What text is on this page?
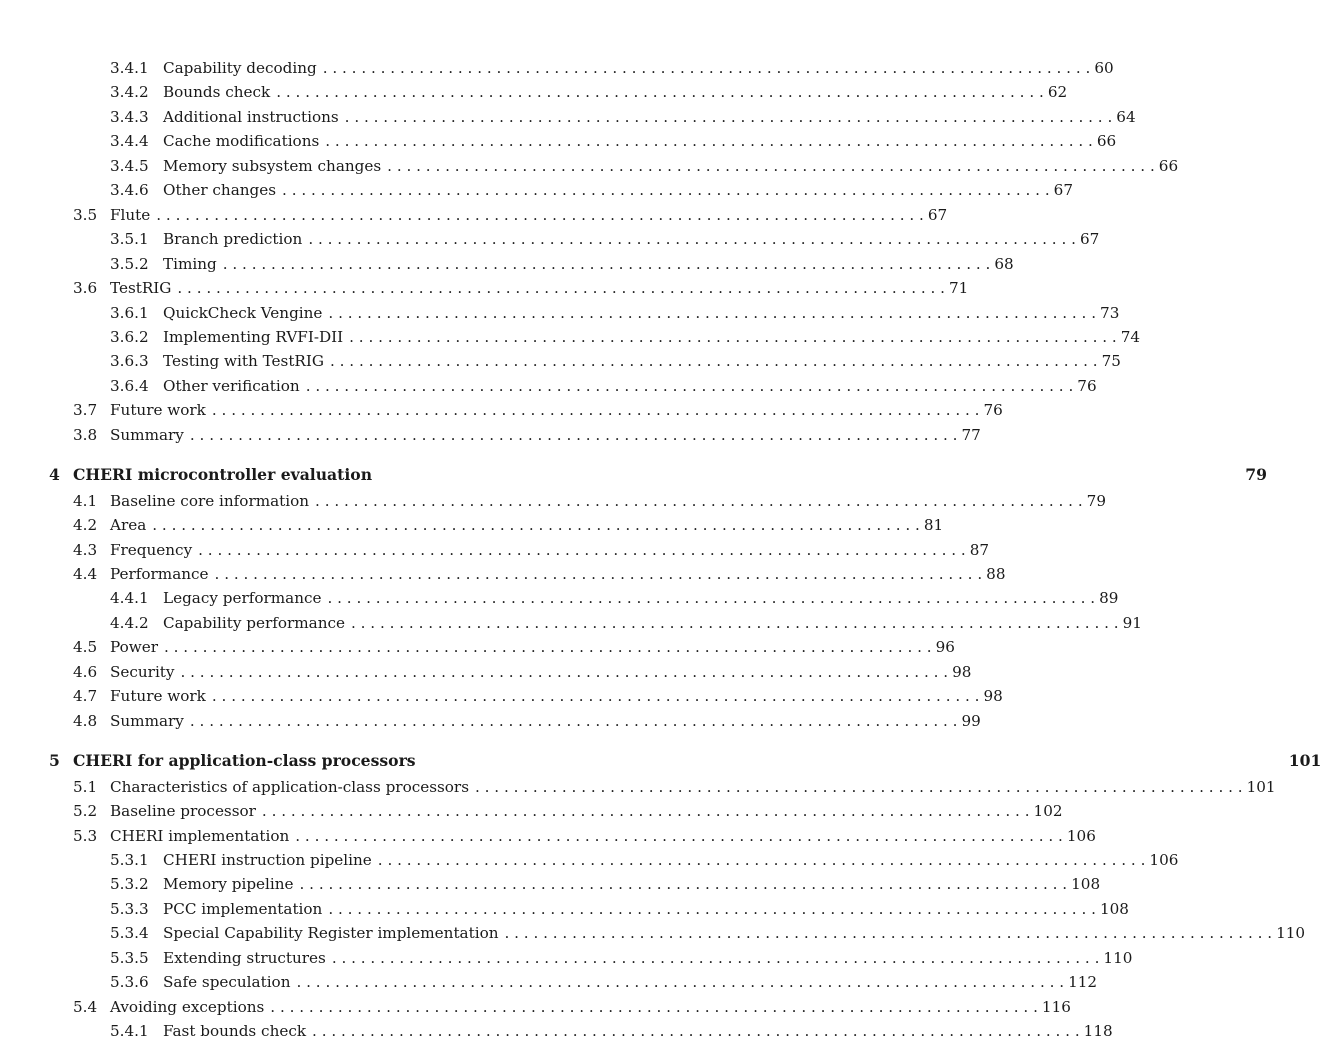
3.4.1 Capability decoding . . . . . . . . . . . . . . . . . . . . . . . . . . . . . . . . . . . . . . . . . . . . . . . . . . . . . . . . . . . . . . . . . . . . . . . . . . . . . . . . 60
3.4.2 Bounds check . . . . . . . . . . . . . . . . . . . . . . . . . . . . . . . . . . . . . . . . . . . . . . . . . . . . . . . . . . . . . . . . . . . . . . . . . . . . . . . . 62
3.4.3 Additional instructions . . . . . . . . . . . . . . . . . . . . . . . . . . . . . . . . . . . . . . . . . . . . . . . . . . . . . . . . . . . . . . . . . . . . . . . . . . . . . . . . 64
3.4.4 Cache modifications . . . . . . . . . . . . . . . . . . . . . . . . . . . . . . . . . . . . . . . . . . . . . . . . . . . . . . . . . . . . . . . . . . . . . . . . . . . . . . . . 66
3.4.5 Memory subsystem changes . . . . . . . . . . . . . . . . . . . . . . . . . . . . . . . . . . . . . . . . . . . . . . . . . . . . . . . . . . . . . . . . . . . . . . . . . . . . . . . . 66
3.4.6 Other changes . . . . . . . . . . . . . . . . . . . . . . . . . . . . . . . . . . . . . . . . . . . . . . . . . . . . . . . . . . . . . . . . . . . . . . . . . . . . . . . . 67
3.5 Flute . . . . . . . . . . . . . . . . . . . . . . . . . . . . . . . . . . . . . . . . . . . . . . . . . . . . . . . . . . . . . . . . . . . . . . . . . . . . . . . . 67
3.5.1 Branch prediction . . . . . . . . . . . . . . . . . . . . . . . . . . . . . . . . . . . . . . . . . . . . . . . . . . . . . . . . . . . . . . . . . . . . . . . . . . . . . . . . 67
3.5.2 Timing . . . . . . . . . . . . . . . . . . . . . . . . . . . . . . . . . . . . . . . . . . . . . . . . . . . . . . . . . . . . . . . . . . . . . . . . . . . . . . . . 68
3.6 TestRIG . . . . . . . . . . . . . . . . . . . . . . . . . . . . . . . . . . . . . . . . . . . . . . . . . . . . . . . . . . . . . . . . . . . . . . . . . . . . . . . . 71
3.6.1 QuickCheck Vengine . . . . . . . . . . . . . . . . . . . . . . . . . . . . . . . . . . . . . . . . . . . . . . . . . . . . . . . . . . . . . . . . . . . . . . . . . . . . . . . . 73
3.6.2 Implementing RVFI-DII . . . . . . . . . . . . . . . . . . . . . . . . . . . . . . . . . . . . . . . . . . . . . . . . . . . . . . . . . . . . . . . . . . . . . . . . . . . . . . . . 74
3.6.3 Testing with TestRIG . . . . . . . . . . . . . . . . . . . . . . . . . . . . . . . . . . . . . . . . . . . . . . . . . . . . . . . . . . . . . . . . . . . . . . . . . . . . . . . . 75
3.6.4 Other verification . . . . . . . . . . . . . . . . . . . . . . . . . . . . . . . . . . . . . . . . . . . . . . . . . . . . . . . . . . . . . . . . . . . . . . . . . . . . . . . . 76
3.7 Future work . . . . . . . . . . . . . . . . . . . . . . . . . . . . . . . . . . . . . . . . . . . . . . . . . . . . . . . . . . . . . . . . . . . . . . . . . . . . . . . . 76
3.8 Summary . . . . . . . . . . . . . . . . . . . . . . . . . . . . . . . . . . . . . . . . . . . . . . . . . . . . . . . . . . . . . . . . . . . . . . . . . . . . . . . . 77
4 CHERI microcontroller evaluation	79
4.1 Baseline core information . . . . . . . . . . . . . . . . . . . . . . . . . . . . . . . . . . . . . . . . . . . . . . . . . . . . . . . . . . . . . . . . . . . . . . . . . . . . . . . . 79
4.2 Area . . . . . . . . . . . . . . . . . . . . . . . . . . . . . . . . . . . . . . . . . . . . . . . . . . . . . . . . . . . . . . . . . . . . . . . . . . . . . . . . 81
4.3 Frequency . . . . . . . . . . . . . . . . . . . . . . . . . . . . . . . . . . . . . . . . . . . . . . . . . . . . . . . . . . . . . . . . . . . . . . . . . . . . . . . . 87
4.4 Performance . . . . . . . . . . . . . . . . . . . . . . . . . . . . . . . . . . . . . . . . . . . . . . . . . . . . . . . . . . . . . . . . . . . . . . . . . . . . . . . . 88
4.4.1 Legacy performance . . . . . . . . . . . . . . . . . . . . . . . . . . . . . . . . . . . . . . . . . . . . . . . . . . . . . . . . . . . . . . . . . . . . . . . . . . . . . . . . 89
4.4.2 Capability performance . . . . . . . . . . . . . . . . . . . . . . . . . . . . . . . . . . . . . . . . . . . . . . . . . . . . . . . . . . . . . . . . . . . . . . . . . . . . . . . . 91
4.5 Power . . . . . . . . . . . . . . . . . . . . . . . . . . . . . . . . . . . . . . . . . . . . . . . . . . . . . . . . . . . . . . . . . . . . . . . . . . . . . . . . 96
4.6 Security . . . . . . . . . . . . . . . . . . . . . . . . . . . . . . . . . . . . . . . . . . . . . . . . . . . . . . . . . . . . . . . . . . . . . . . . . . . . . . . . 98
4.7 Future work . . . . . . . . . . . . . . . . . . . . . . . . . . . . . . . . . . . . . . . . . . . . . . . . . . . . . . . . . . . . . . . . . . . . . . . . . . . . . . . . 98
4.8 Summary . . . . . . . . . . . . . . . . . . . . . . . . . . . . . . . . . . . . . . . . . . . . . . . . . . . . . . . . . . . . . . . . . . . . . . . . . . . . . . . . 99
5 CHERI for application-class processors	101
5.1 Characteristics of application-class processors . . . . . . . . . . . . . . . . . . . . . . . . . . . . . . . . . . . . . . . . . . . . . . . . . . . . . . . . . . . . . . . . . . . . . . . . . . . . . . . . 101
5.2 Baseline processor . . . . . . . . . . . . . . . . . . . . . . . . . . . . . . . . . . . . . . . . . . . . . . . . . . . . . . . . . . . . . . . . . . . . . . . . . . . . . . . . 102
5.3 CHERI implementation . . . . . . . . . . . . . . . . . . . . . . . . . . . . . . . . . . . . . . . . . . . . . . . . . . . . . . . . . . . . . . . . . . . . . . . . . . . . . . . . 106
5.3.1 CHERI instruction pipeline . . . . . . . . . . . . . . . . . . . . . . . . . . . . . . . . . . . . . . . . . . . . . . . . . . . . . . . . . . . . . . . . . . . . . . . . . . . . . . . . 106
5.3.2 Memory pipeline . . . . . . . . . . . . . . . . . . . . . . . . . . . . . . . . . . . . . . . . . . . . . . . . . . . . . . . . . . . . . . . . . . . . . . . . . . . . . . . . 108
5.3.3 PCC implementation . . . . . . . . . . . . . . . . . . . . . . . . . . . . . . . . . . . . . . . . . . . . . . . . . . . . . . . . . . . . . . . . . . . . . . . . . . . . . . . . 108
5.3.4 Special Capability Register implementation . . . . . . . . . . . . . . . . . . . . . . . . . . . . . . . . . . . . . . . . . . . . . . . . . . . . . . . . . . . . . . . . . . . . . . . . . . . . . . . . 110
5.3.5 Extending structures . . . . . . . . . . . . . . . . . . . . . . . . . . . . . . . . . . . . . . . . . . . . . . . . . . . . . . . . . . . . . . . . . . . . . . . . . . . . . . . . 110
5.3.6 Safe speculation . . . . . . . . . . . . . . . . . . . . . . . . . . . . . . . . . . . . . . . . . . . . . . . . . . . . . . . . . . . . . . . . . . . . . . . . . . . . . . . . 112
5.4 Avoiding exceptions . . . . . . . . . . . . . . . . . . . . . . . . . . . . . . . . . . . . . . . . . . . . . . . . . . . . . . . . . . . . . . . . . . . . . . . . . . . . . . . . 116
5.4.1 Fast bounds check . . . . . . . . . . . . . . . . . . . . . . . . . . . . . . . . . . . . . . . . . . . . . . . . . . . . . . . . . . . . . . . . . . . . . . . . . . . . . . . . 118
